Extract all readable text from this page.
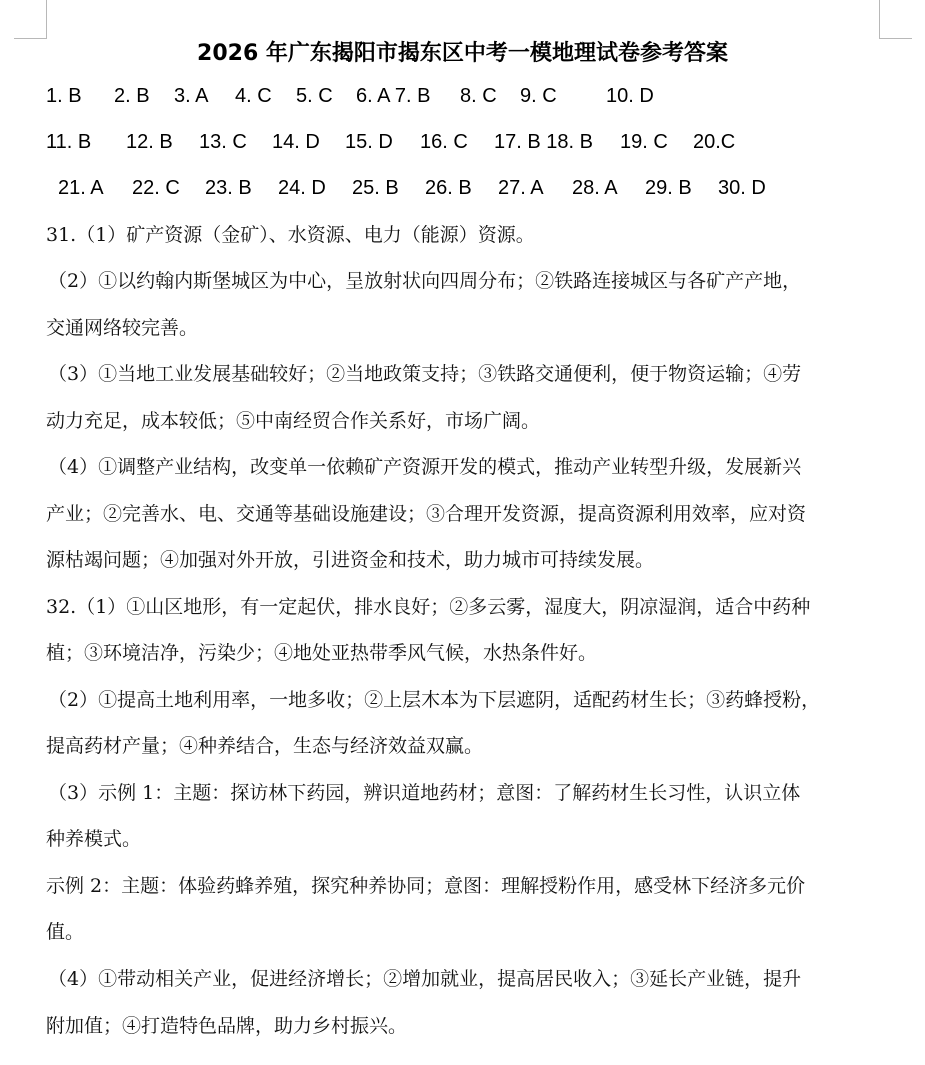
2026 年广东揭阳市揭东区中考一模地理试卷参考答案
1. B 2. B 3. A 4. C 5. C 6. A 7. B 8. C 9. C 10. D
11. B 12. B 13. C 14. D 15. D 16. C 17. B 18. B 19. C 20.C
21. A 22. C 23. B 24. D 25. B 26. B 27. A 28. A 29. B 30. D
31.（1）矿产资源（金矿）、水资源、电力（能源）资源。
（2）①以约翰内斯堡城区为中心，呈放射状向四周分布；②铁路连接城区与各矿产产地，
交通网络较完善。
（3）①当地工业发展基础较好；②当地政策支持；③铁路交通便利，便于物资运输；④劳
动力充足，成本较低；⑤中南经贸合作关系好，市场广阔。
（4）①调整产业结构，改变单一依赖矿产资源开发的模式，推动产业转型升级，发展新兴
产业；②完善水、电、交通等基础设施建设；③合理开发资源，提高资源利用效率，应对资
源枯竭问题；④加强对外开放，引进资金和技术，助力城市可持续发展。
32.（1）①山区地形，有一定起伏，排水良好；②多云雾，湿度大，阴凉湿润，适合中药种
植；③环境洁净，污染少；④地处亚热带季风气候，水热条件好。
（2）①提高土地利用率，一地多收；②上层木本为下层遮阴，适配药材生长；③药蜂授粉，
提高药材产量；④种养结合，生态与经济效益双赢。
（3）示例 1：主题：探访林下药园，辨识道地药材；意图：了解药材生长习性，认识立体
种养模式。
示例 2：主题：体验药蜂养殖，探究种养协同；意图：理解授粉作用，感受林下经济多元价
值。
（4）①带动相关产业，促进经济增长；②增加就业，提高居民收入；③延长产业链，提升
附加值；④打造特色品牌，助力乡村振兴。
